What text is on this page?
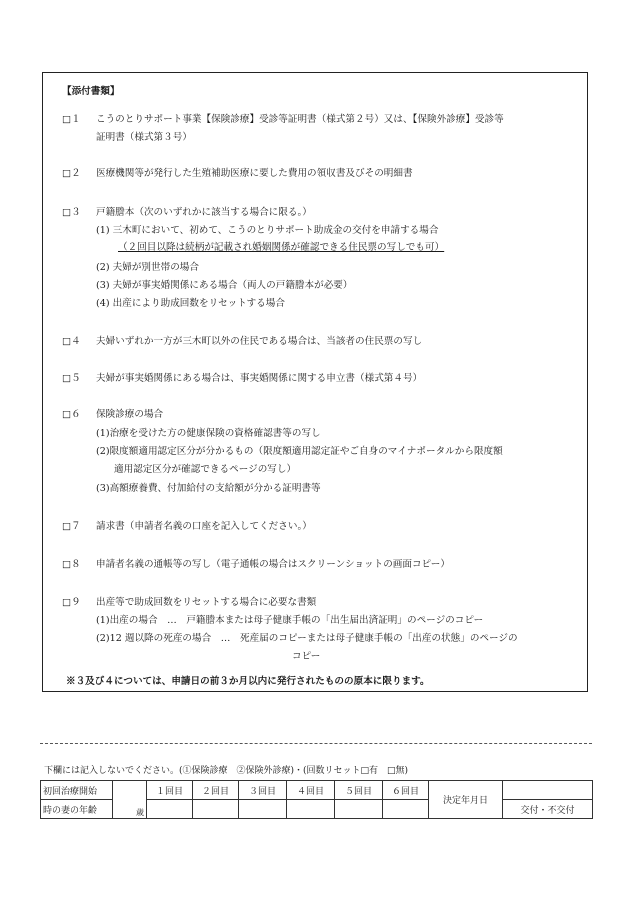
【添付書類】
□１ こうのとりサポート事業【保険診療】受診等証明書（様式第２号）又は、【保険外診療】受診等
証明書（様式第３号）
□２ 医療機関等が発行した生殖補助医療に要した費用の領収書及びその明細書
□３ 戸籍謄本（次のいずれかに該当する場合に限る。）
(1) 三木町において、初めて、こうのとりサポート助成金の交付を申請する場合
（２回目以降は続柄が記載され婚姻関係が確認できる住民票の写しでも可）
(2) 夫婦が別世帯の場合
(3) 夫婦が事実婚関係にある場合（両人の戸籍謄本が必要）
(4) 出産により助成回数をリセットする場合
□４ 夫婦いずれか一方が三木町以外の住民である場合は、当該者の住民票の写し
□５ 夫婦が事実婚関係にある場合は、事実婚関係に関する申立書（様式第４号）
□６ 保険診療の場合
(1)治療を受けた方の健康保険の資格確認書等の写し
(2)限度額適用認定区分が分かるもの（限度額適用認定証やご自身のマイナポータルから限度額
適用認定区分が確認できるページの写し）
(3)高額療養費、付加給付の支給額が分かる証明書等
□７ 請求書（申請者名義の口座を記入してください。）
□８ 申請者名義の通帳等の写し（電子通帳の場合はスクリーンショットの画面コピー）
□９ 出産等で助成回数をリセットする場合に必要な書類
(1)出産の場合　…　戸籍謄本または母子健康手帳の「出生届出済証明」のページのコピー
(2)12 週以降の死産の場合　…　死産届のコピーまたは母子健康手帳の「出産の状態」のページの
コピー
※３及び４については、申請日の前３か月以内に発行されたものの原本に限ります。
下欄には記入しないでください。(①保険診療　②保険外診療)・(回数リセット□有　□無)
初回治療開始	歳	１回目	２回目	３回目	４回目	５回目	６回目	決定年月日	
時の妻の年齢									交付・不交付
